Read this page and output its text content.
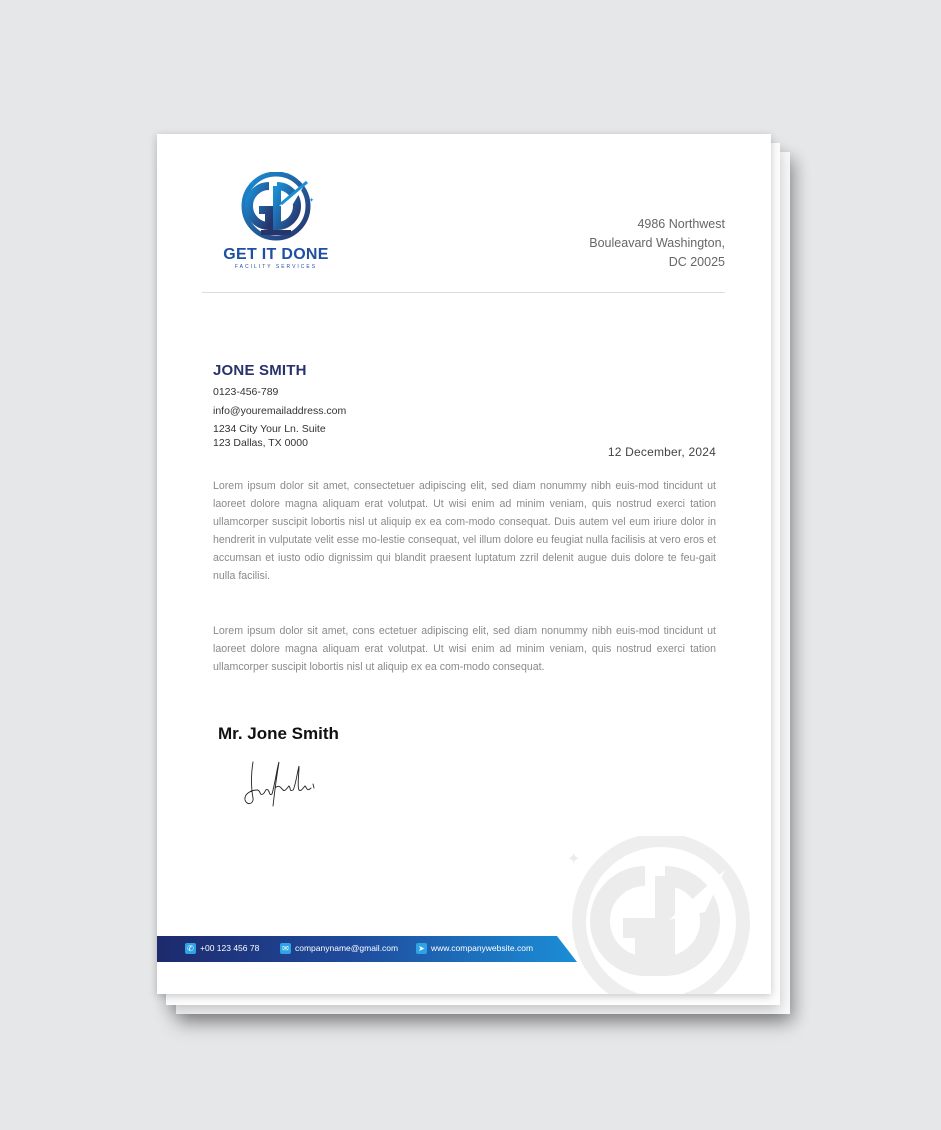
✦
✦
GET IT DONE
FACILITY SERVICES
4986 Northwest
Bouleavard Washington,
DC 20025
JONE SMITH
0123-456-789
info@youremailaddress.com
1234 City Your Ln. Suite
123 Dallas, TX 0000
12 December, 2024
Lorem ipsum dolor sit amet, consectetuer adipiscing elit, sed diam nonummy nibh euis-mod tincidunt ut laoreet dolore magna aliquam erat volutpat. Ut wisi enim ad minim veniam, quis nostrud exerci tation ullamcorper suscipit lobortis nisl ut aliquip ex ea com-modo consequat. Duis autem vel eum iriure dolor in hendrerit in vulputate velit esse mo-lestie consequat, vel illum dolore eu feugiat nulla facilisis at vero eros et accumsan et iusto odio dignissim qui blandit praesent luptatum zzril delenit augue duis dolore te feu-gait nulla facilisi.
Lorem ipsum dolor sit amet, cons ectetuer adipiscing elit, sed diam nonummy nibh euis-mod tincidunt ut laoreet dolore magna aliquam erat volutpat. Ut wisi enim ad minim veniam, quis nostrud exerci tation ullamcorper suscipit lobortis nisl ut aliquip ex ea com-modo consequat.
Mr. Jone Smith
✦
✆ +00 123 456 78	✉ companyname@gmail.com	➤ www.companywebsite.com
